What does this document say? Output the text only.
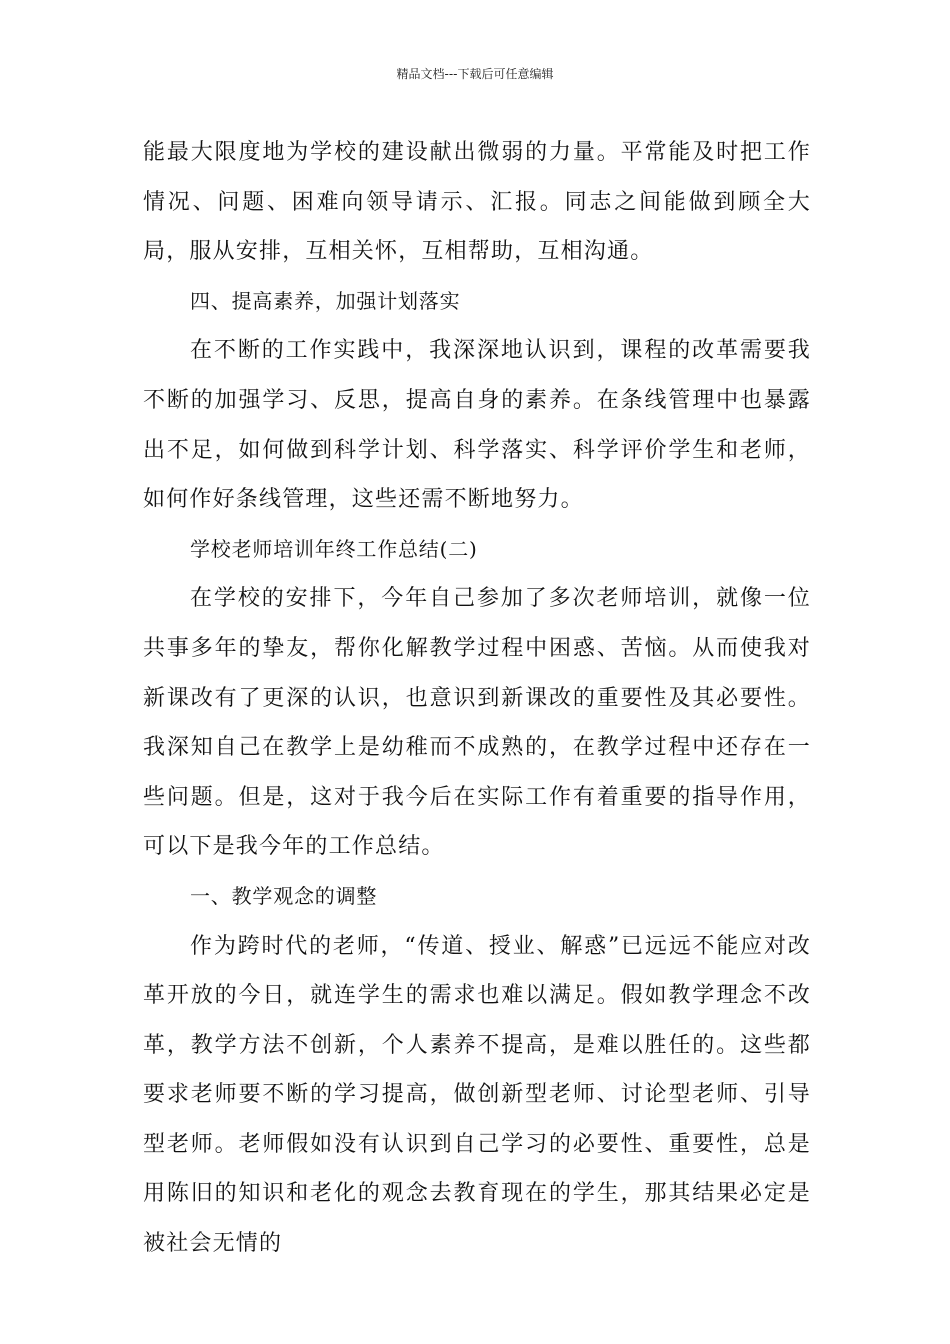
精品文档---下载后可任意编辑

能最大限度地为学校的建设献出微弱的力量。平常能及时把工作情况、问题、困难向领导请示、汇报。同志之间能做到顾全大局，服从安排，互相关怀，互相帮助，互相沟通。

四、提高素养，加强计划落实

在不断的工作实践中，我深深地认识到，课程的改革需要我不断的加强学习、反思，提高自身的素养。在条线管理中也暴露出不足，如何做到科学计划、科学落实、科学评价学生和老师，如何作好条线管理，这些还需不断地努力。

学校老师培训年终工作总结(二)

在学校的安排下，今年自己参加了多次老师培训，就像一位共事多年的挚友，帮你化解教学过程中困惑、苦恼。从而使我对新课改有了更深的认识，也意识到新课改的重要性及其必要性。我深知自己在教学上是幼稚而不成熟的，在教学过程中还存在一些问题。但是，这对于我今后在实际工作有着重要的指导作用，可以下是我今年的工作总结。

一、教学观念的调整

作为跨时代的老师，“传道、授业、解惑”已远远不能应对改革开放的今日，就连学生的需求也难以满足。假如教学理念不改革，教学方法不创新，个人素养不提高，是难以胜任的。这些都要求老师要不断的学习提高，做创新型老师、讨论型老师、引导型老师。老师假如没有认识到自己学习的必要性、重要性，总是用陈旧的知识和老化的观念去教育现在的学生，那其结果必定是被社会无情的
